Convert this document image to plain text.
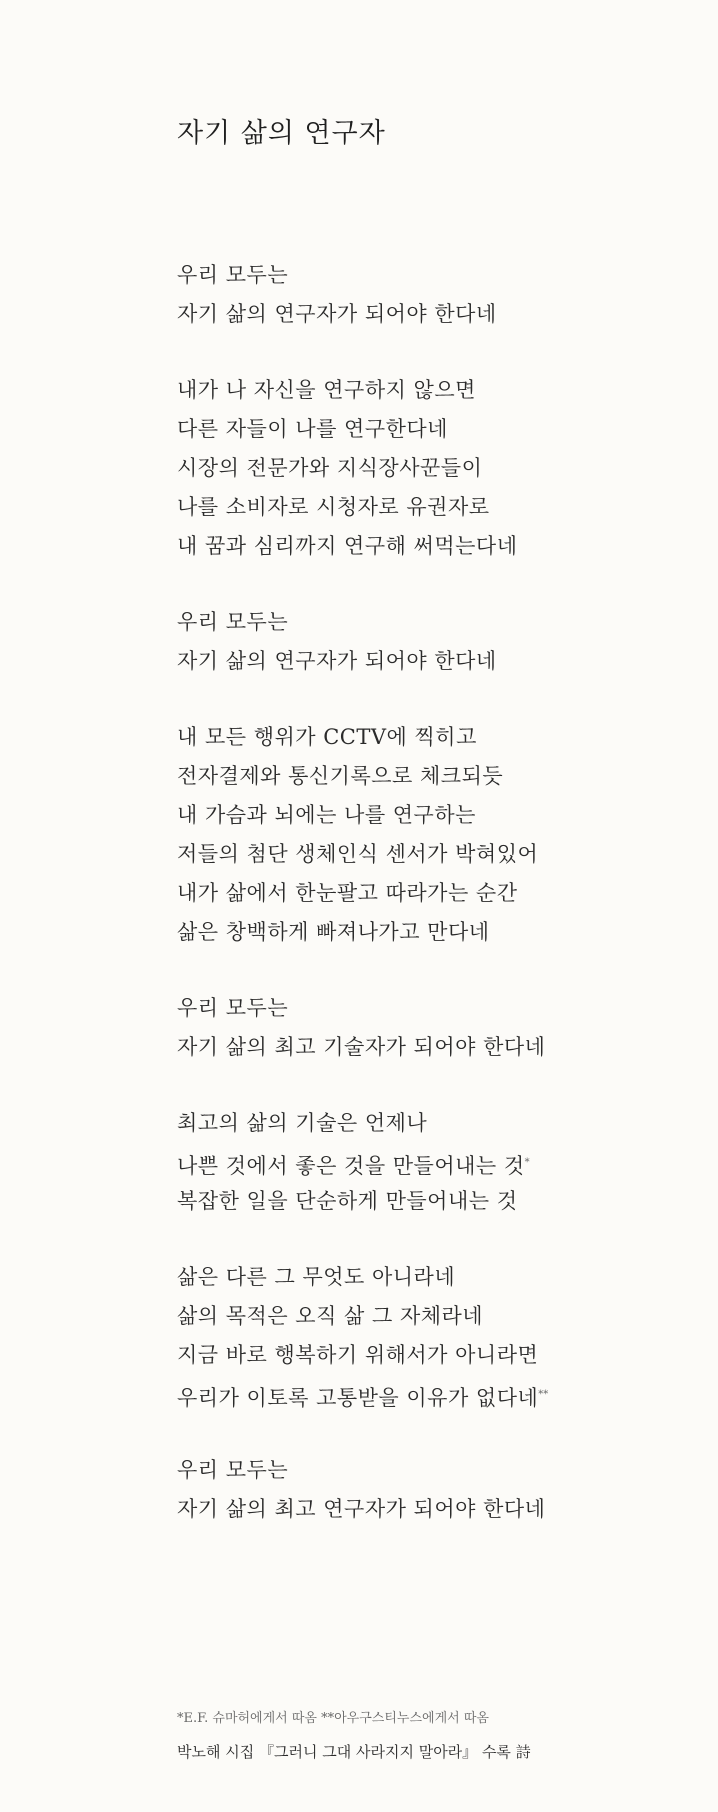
자기 삶의 연구자
우리 모두는
자기 삶의 연구자가 되어야 한다네
내가 나 자신을 연구하지 않으면
다른 자들이 나를 연구한다네
시장의 전문가와 지식장사꾼들이
나를 소비자로 시청자로 유권자로
내 꿈과 심리까지 연구해 써먹는다네
우리 모두는
자기 삶의 연구자가 되어야 한다네
내 모든 행위가 CCTV에 찍히고
전자결제와 통신기록으로 체크되듯
내 가슴과 뇌에는 나를 연구하는
저들의 첨단 생체인식 센서가 박혀있어
내가 삶에서 한눈팔고 따라가는 순간
삶은 창백하게 빠져나가고 만다네
우리 모두는
자기 삶의 최고 기술자가 되어야 한다네
최고의 삶의 기술은 언제나
나쁜 것에서 좋은 것을 만들어내는 것*
복잡한 일을 단순하게 만들어내는 것
삶은 다른 그 무엇도 아니라네
삶의 목적은 오직 삶 그 자체라네
지금 바로 행복하기 위해서가 아니라면
우리가 이토록 고통받을 이유가 없다네**
우리 모두는
자기 삶의 최고 연구자가 되어야 한다네
*E.F. 슈마허에게서 따옴 **아우구스티누스에게서 따옴
박노해 시집 『그러니 그대 사라지지 말아라』 수록 詩
